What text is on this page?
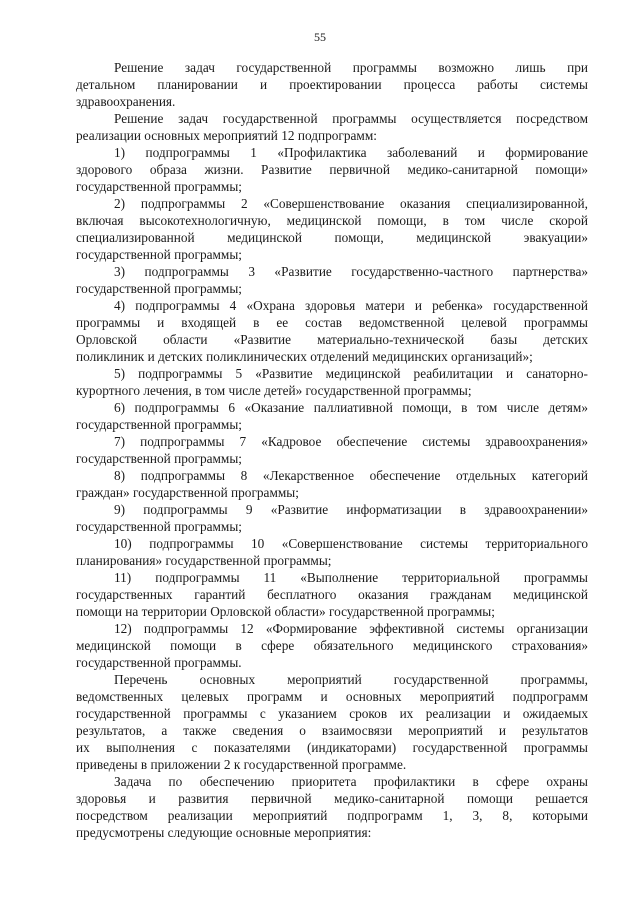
55
Решение задач государственной программы возможно лишь при
детальном планировании и проектировании процесса работы системы
здравоохранения.
Решение задач государственной программы осуществляется посредством
реализации основных мероприятий 12 подпрограмм:
1) подпрограммы 1 «Профилактика заболеваний и формирование
здорового образа жизни. Развитие первичной медико-санитарной помощи»
государственной программы;
2) подпрограммы 2 «Совершенствование оказания специализированной,
включая высокотехнологичную, медицинской помощи, в том числе скорой
специализированной медицинской помощи, медицинской эвакуации»
государственной программы;
3) подпрограммы 3 «Развитие государственно-частного партнерства»
государственной программы;
4) подпрограммы 4 «Охрана здоровья матери и ребенка» государственной
программы и входящей в ее состав ведомственной целевой программы
Орловской области «Развитие материально-технической базы детских
поликлиник и детских поликлинических отделений медицинских организаций»;
5) подпрограммы 5 «Развитие медицинской реабилитации и санаторно-
курортного лечения, в том числе детей» государственной программы;
6) подпрограммы 6 «Оказание паллиативной помощи, в том числе детям»
государственной программы;
7) подпрограммы 7 «Кадровое обеспечение системы здравоохранения»
государственной программы;
8) подпрограммы 8 «Лекарственное обеспечение отдельных категорий
граждан» государственной программы;
9) подпрограммы 9 «Развитие информатизации в здравоохранении»
государственной программы;
10) подпрограммы 10 «Совершенствование системы территориального
планирования» государственной программы;
11) подпрограммы 11 «Выполнение территориальной программы
государственных гарантий бесплатного оказания гражданам медицинской
помощи на территории Орловской области» государственной программы;
12) подпрограммы 12 «Формирование эффективной системы организации
медицинской помощи в сфере обязательного медицинского страхования»
государственной программы.
Перечень основных мероприятий государственной программы,
ведомственных целевых программ и основных мероприятий подпрограмм
государственной программы с указанием сроков их реализации и ожидаемых
результатов, а также сведения о взаимосвязи мероприятий и результатов
их выполнения с показателями (индикаторами) государственной программы
приведены в приложении 2 к государственной программе.
Задача по обеспечению приоритета профилактики в сфере охраны
здоровья и развития первичной медико-санитарной помощи решается
посредством реализации мероприятий подпрограмм 1, 3, 8, которыми
предусмотрены следующие основные мероприятия:
